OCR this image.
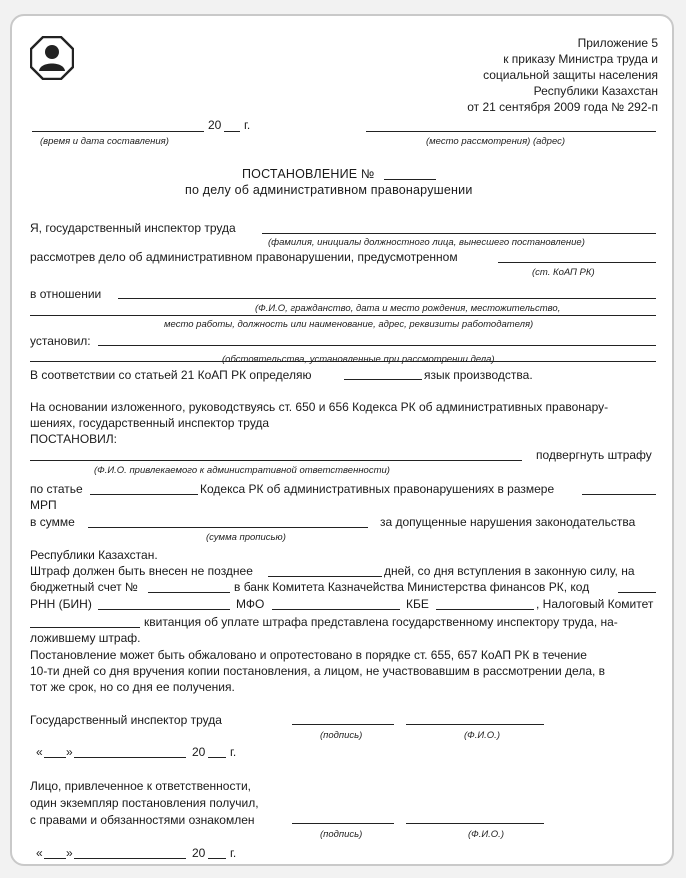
Приложение 5
к приказу Министра труда и
социальной защиты населения
Республики Казахстан
от 21 сентября 2009 года № 292-п
20 г.
(время и дата составления)	(место рассмотрения) (адрес)
ПОСТАНОВЛЕНИЕ №
по делу об административном правонарушении
Я, государственный инспектор труда
(фамилия, инициалы должностного лица, вынесшего постановление)
рассмотрев дело об административном правонарушении, предусмотренном
(ст. КоАП РК)
в отношении
(Ф.И.О, гражданство, дата и место рождения, местожительство,
место работы, должность или наименование, адрес, реквизиты работодателя)
установил:
(обстоятельства, установленные при рассмотрении дела)
В соответствии со статьей 21 КоАП РК определяю	язык производства.
На основании изложенного, руководствуясь ст. 650 и 656 Кодекса РК об административных правонару-
шениях, государственный инспектор труда
ПОСТАНОВИЛ:
подвергнуть штрафу
(Ф.И.О. привлекаемого к административной ответственности)
по статье	Кодекса РК об административных правонарушениях в размере
МРП
в сумме	за допущенные нарушения законодательства
(сумма прописью)
Республики Казахстан.
Штраф должен быть внесен не позднее	дней, со дня вступления в законную силу, на
бюджетный счет №	в банк Комитета Казначейства Министерства финансов РК, код
РНН (БИН)	МФО	КБЕ	, Налоговый Комитет
квитанция об уплате штрафа представлена государственному инспектору труда, на-
ложившему штраф.
Постановление может быть обжаловано и опротестовано в порядке ст. 655, 657 КоАП РК в течение
10-ти дней со дня вручения копии постановления, а лицом, не участвовавшим в рассмотрении дела, в
тот же срок, но со дня ее получения.
Государственный инспектор труда
(подпись)	(Ф.И.О.)
« »	20 г.
Лицо, привлеченное к ответственности,
один экземпляр постановления получил,
с правами и обязанностями ознакомлен
(подпись)	(Ф.И.О.)
« »	20 г.
